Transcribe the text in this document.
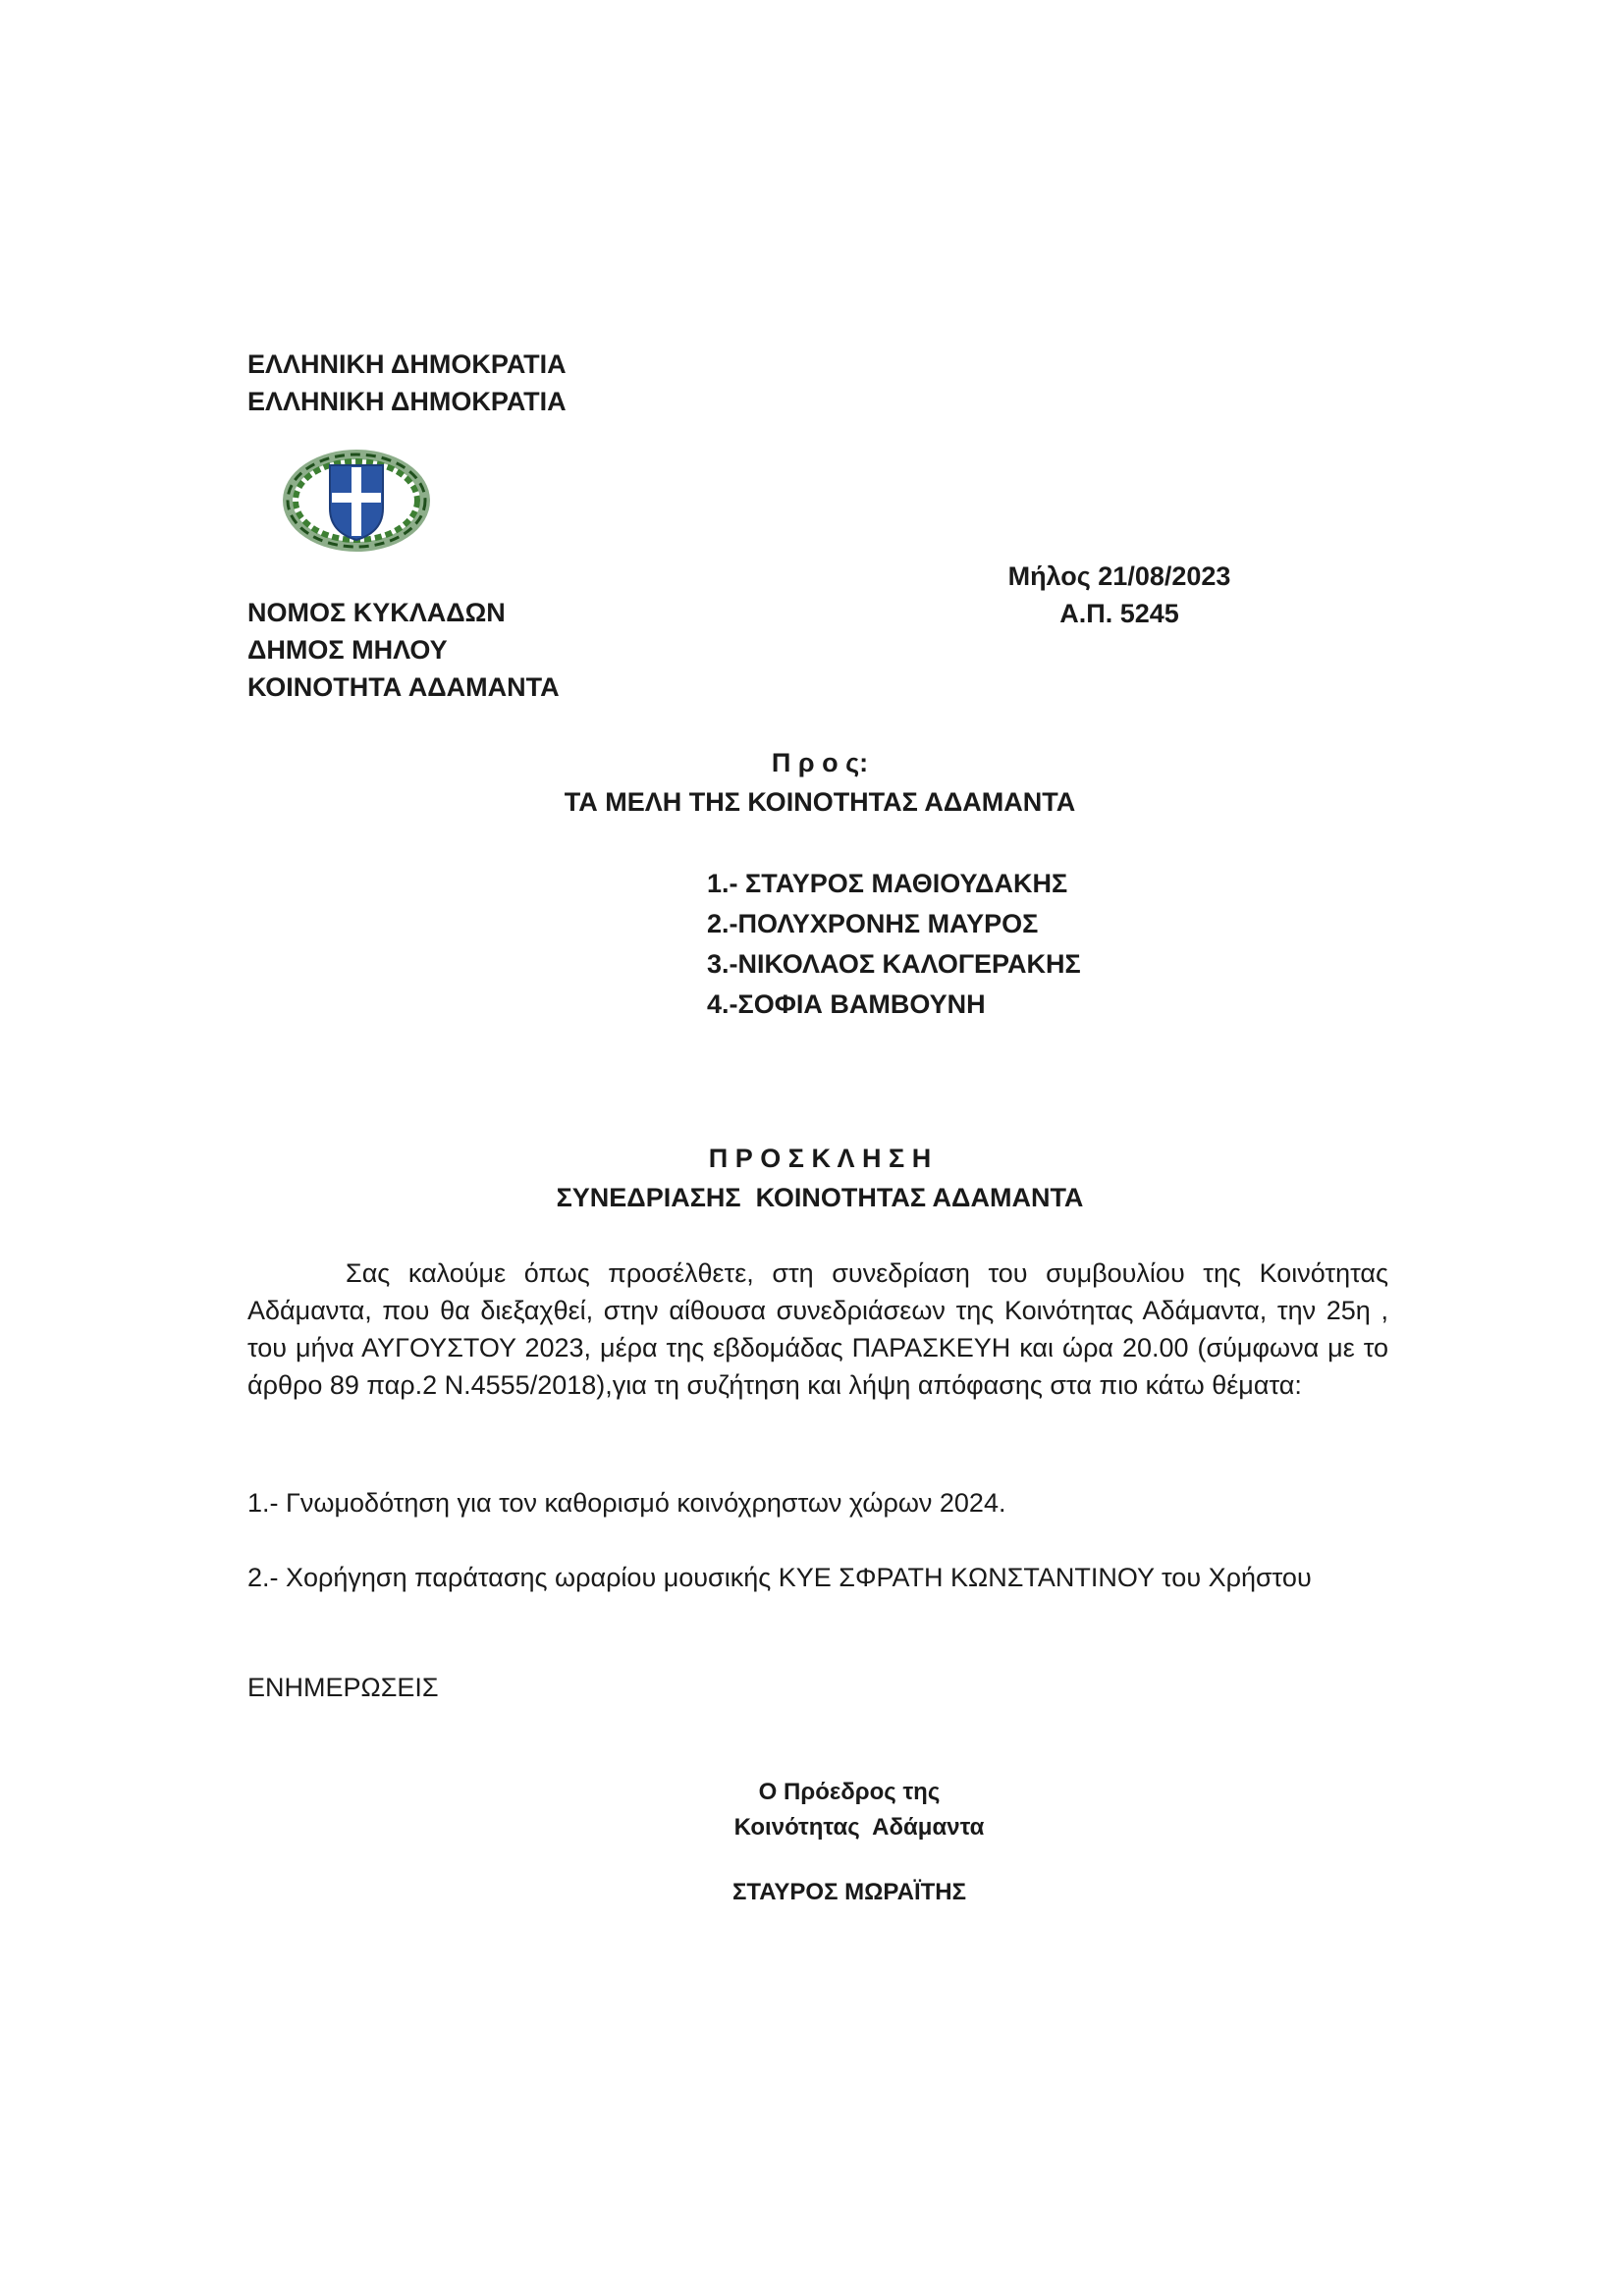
ΕΛΛΗΝΙΚΗ ΔΗΜΟΚΡΑΤΙΑ
ΕΛΛΗΝΙΚΗ ΔΗΜΟΚΡΑΤΙΑ
Μήλος 21/08/2023
Α.Π. 5245
ΝΟΜΟΣ ΚΥΚΛΑΔΩΝ
ΔΗΜΟΣ ΜΗΛΟΥ
ΚΟΙΝΟΤΗΤΑ ΑΔΑΜΑΝΤΑ
Π ρ ο ς:
ΤΑ ΜΕΛΗ ΤΗΣ ΚΟΙΝΟΤΗΤΑΣ ΑΔΑΜΑΝΤΑ
1.- ΣΤΑΥΡΟΣ ΜΑΘΙΟΥΔΑΚΗΣ
2.-ΠΟΛΥΧΡΟΝΗΣ ΜΑΥΡΟΣ
3.-ΝΙΚΟΛΑΟΣ ΚΑΛΟΓΕΡΑΚΗΣ
4.-ΣΟΦΙΑ ΒΑΜΒΟΥΝΗ
Π Ρ Ο Σ Κ Λ Η Σ Η
ΣΥΝΕΔΡΙΑΣΗΣ  ΚΟΙΝΟΤΗΤΑΣ ΑΔΑΜΑΝΤΑ
Σας καλούμε όπως προσέλθετε, στη συνεδρίαση του συμβουλίου της Κοινότητας Αδάμαντα, που θα διεξαχθεί, στην αίθουσα συνεδριάσεων της Κοινότητας Αδάμαντα, την 25η , του μήνα ΑΥΓΟΥΣΤΟΥ 2023, μέρα της εβδομάδας ΠΑΡΑΣΚΕΥΗ και ώρα 20.00 (σύμφωνα με το άρθρο 89 παρ.2 Ν.4555/2018),για τη συζήτηση και λήψη απόφασης στα πιο κάτω θέματα:
1.- Γνωμοδότηση για τον καθορισμό κοινόχρηστων χώρων 2024.
2.- Χορήγηση παράτασης ωραρίου μουσικής ΚΥΕ ΣΦΡΑΤΗ ΚΩΝΣΤΑΝΤΙΝΟΥ του Χρήστου
ΕΝΗΜΕΡΩΣΕΙΣ
Ο Πρόεδρος της
Κοινότητας  Αδάμαντα
ΣΤΑΥΡΟΣ ΜΩΡΑΪΤΗΣ
